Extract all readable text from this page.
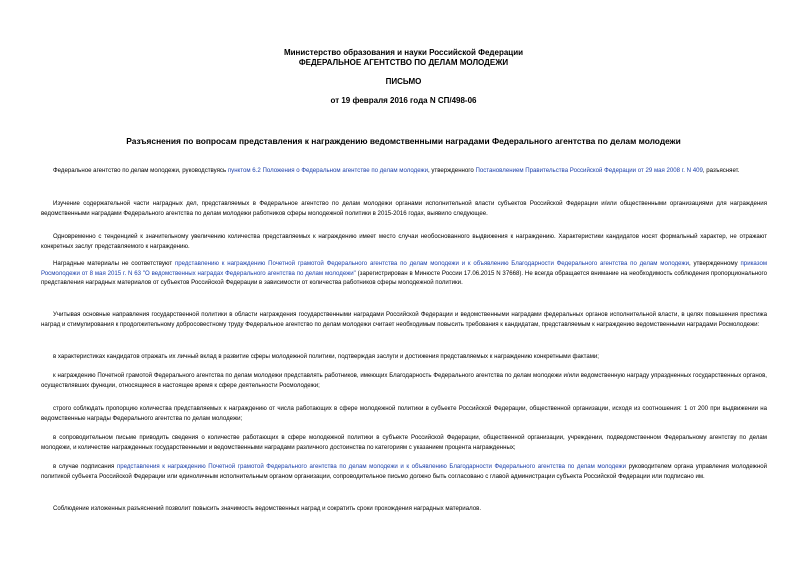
Министерство образования и науки Российской Федерации
ФЕДЕРАЛЬНОЕ АГЕНТСТВО ПО ДЕЛАМ МОЛОДЕЖИ
ПИСЬМО
от 19 февраля 2016 года N СП/498-06
Разъяснения по вопросам представления к награждению ведомственными наградами Федерального агентства по делам молодежи

Федеральное агентство по делам молодежи, руководствуясь пунктом 6.2 Положения о Федеральном агентстве по делам молодежи, утвержденного Постановлением Правительства Российской Федерации от 29 мая 2008 г. N 409, разъясняет.

Изучение содержательной части наградных дел, представляемых в Федеральное агентство по делам молодежи органами исполнительной власти субъектов Российской Федерации и/или общественными организациями для награждения ведомственными наградами Федерального агентства по делам молодежи работников сферы молодежной политики в 2015-2016 годах, выявило следующее.

Одновременно с тенденцией к значительному увеличению количества представляемых к награждению имеет место случаи необоснованного выдвижения к награждению. Характеристики кандидатов носят формальный характер, не отражают конкретных заслуг представляемого к награждению.

Наградные материалы не соответствуют представлению к награждению Почетной грамотой Федерального агентства по делам молодежи и к объявлению Благодарности Федерального агентства по делам молодежи, утвержденному приказом Росмолодежи от 8 мая 2015 г. N 63 "О ведомственных наградах Федерального агентства по делам молодежи" (зарегистрирован в Минюсте России 17.06.2015 N 37668). Не всегда обращается внимание на необходимость соблюдения пропорционального представления наградных материалов от субъектов Российской Федерации в зависимости от количества работников сферы молодежной политики.

Учитывая основные направления государственной политики в области награждения государственными наградами Российской Федерации и ведомственными наградами федеральных органов исполнительной власти, в целях повышения престижа наград и стимулирования к продолжительному добросовестному труду Федеральное агентство по делам молодежи считает необходимым повысить требования к кандидатам, представляемым к награждению ведомственными наградами Росмолодежи:

в характеристиках кандидатов отражать их личный вклад в развитие сферы молодежной политики, подтверждая заслуги и достижения представляемых к награждению конкретными фактами;

к награждению Почетной грамотой Федерального агентства по делам молодежи представлять работников, имеющих Благодарность Федерального агентства по делам молодежи и/или ведомственную награду упраздненных государственных органов, осуществлявших функции, относящиеся в настоящее время к сфере деятельности Росмолодежи;

строго соблюдать пропорцию количества представляемых к награждению от числа работающих в сфере молодежной политики в субъекте Российской Федерации, общественной организации, исходя из соотношения: 1 от 200 при выдвижении на ведомственные награды Федерального агентства по делам молодежи;

в сопроводительном письме приводить сведения о количестве работающих в сфере молодежной политики в субъекте Российской Федерации, общественной организации, учреждении, подведомственном Федеральному агентству по делам молодежи, и количестве награжденных государственными и ведомственными наградами различного достоинства по категориям с указанием процента награжденных;

в случае подписания представления к награждению Почетной грамотой Федерального агентства по делам молодежи и к объявлению Благодарности Федерального агентства по делам молодежи руководителем органа управления молодежной политикой субъекта Российской Федерации или единоличным исполнительным органом организации, сопроводительное письмо должно быть согласовано с главой администрации субъекта Российской Федерации или подписано им.

Соблюдение изложенных разъяснений позволит повысить значимость ведомственных наград и сократить сроки прохождения наградных материалов.
